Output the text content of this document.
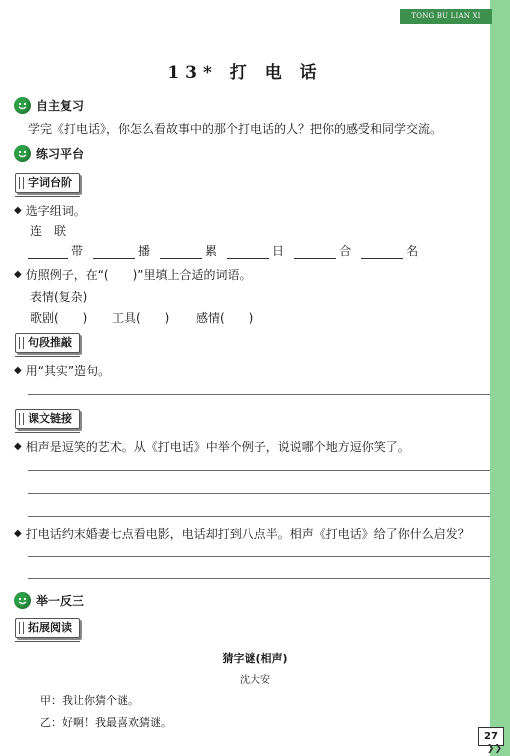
TONG BU LIAN XI
13* 打 电 话
自主复习
学完《打电话》，你怎么看故事中的那个打电话的人？把你的感受和同学交流。
练习平台
字词台阶
◆ 选字组词。
连　联
带	播	累	日	合	名
◆ 仿照例子，在“(　　)”里填上合适的词语。
表情(复杂)
歌剧(　　) 工具(　　) 感情(　　)
句段推敲
◆ 用“其实”造句。
课文链接
◆ 相声是逗笑的艺术。从《打电话》中举个例子，说说哪个地方逗你笑了。
◆ 打电话约末婚妻七点看电影，电话却打到八点半。相声《打电话》给了你什么启发？
举一反三
拓展阅读
猜字谜(相声)
沈大安
甲：我让你猜个谜。
乙：好啊！我最喜欢猜谜。
27
❯❯
